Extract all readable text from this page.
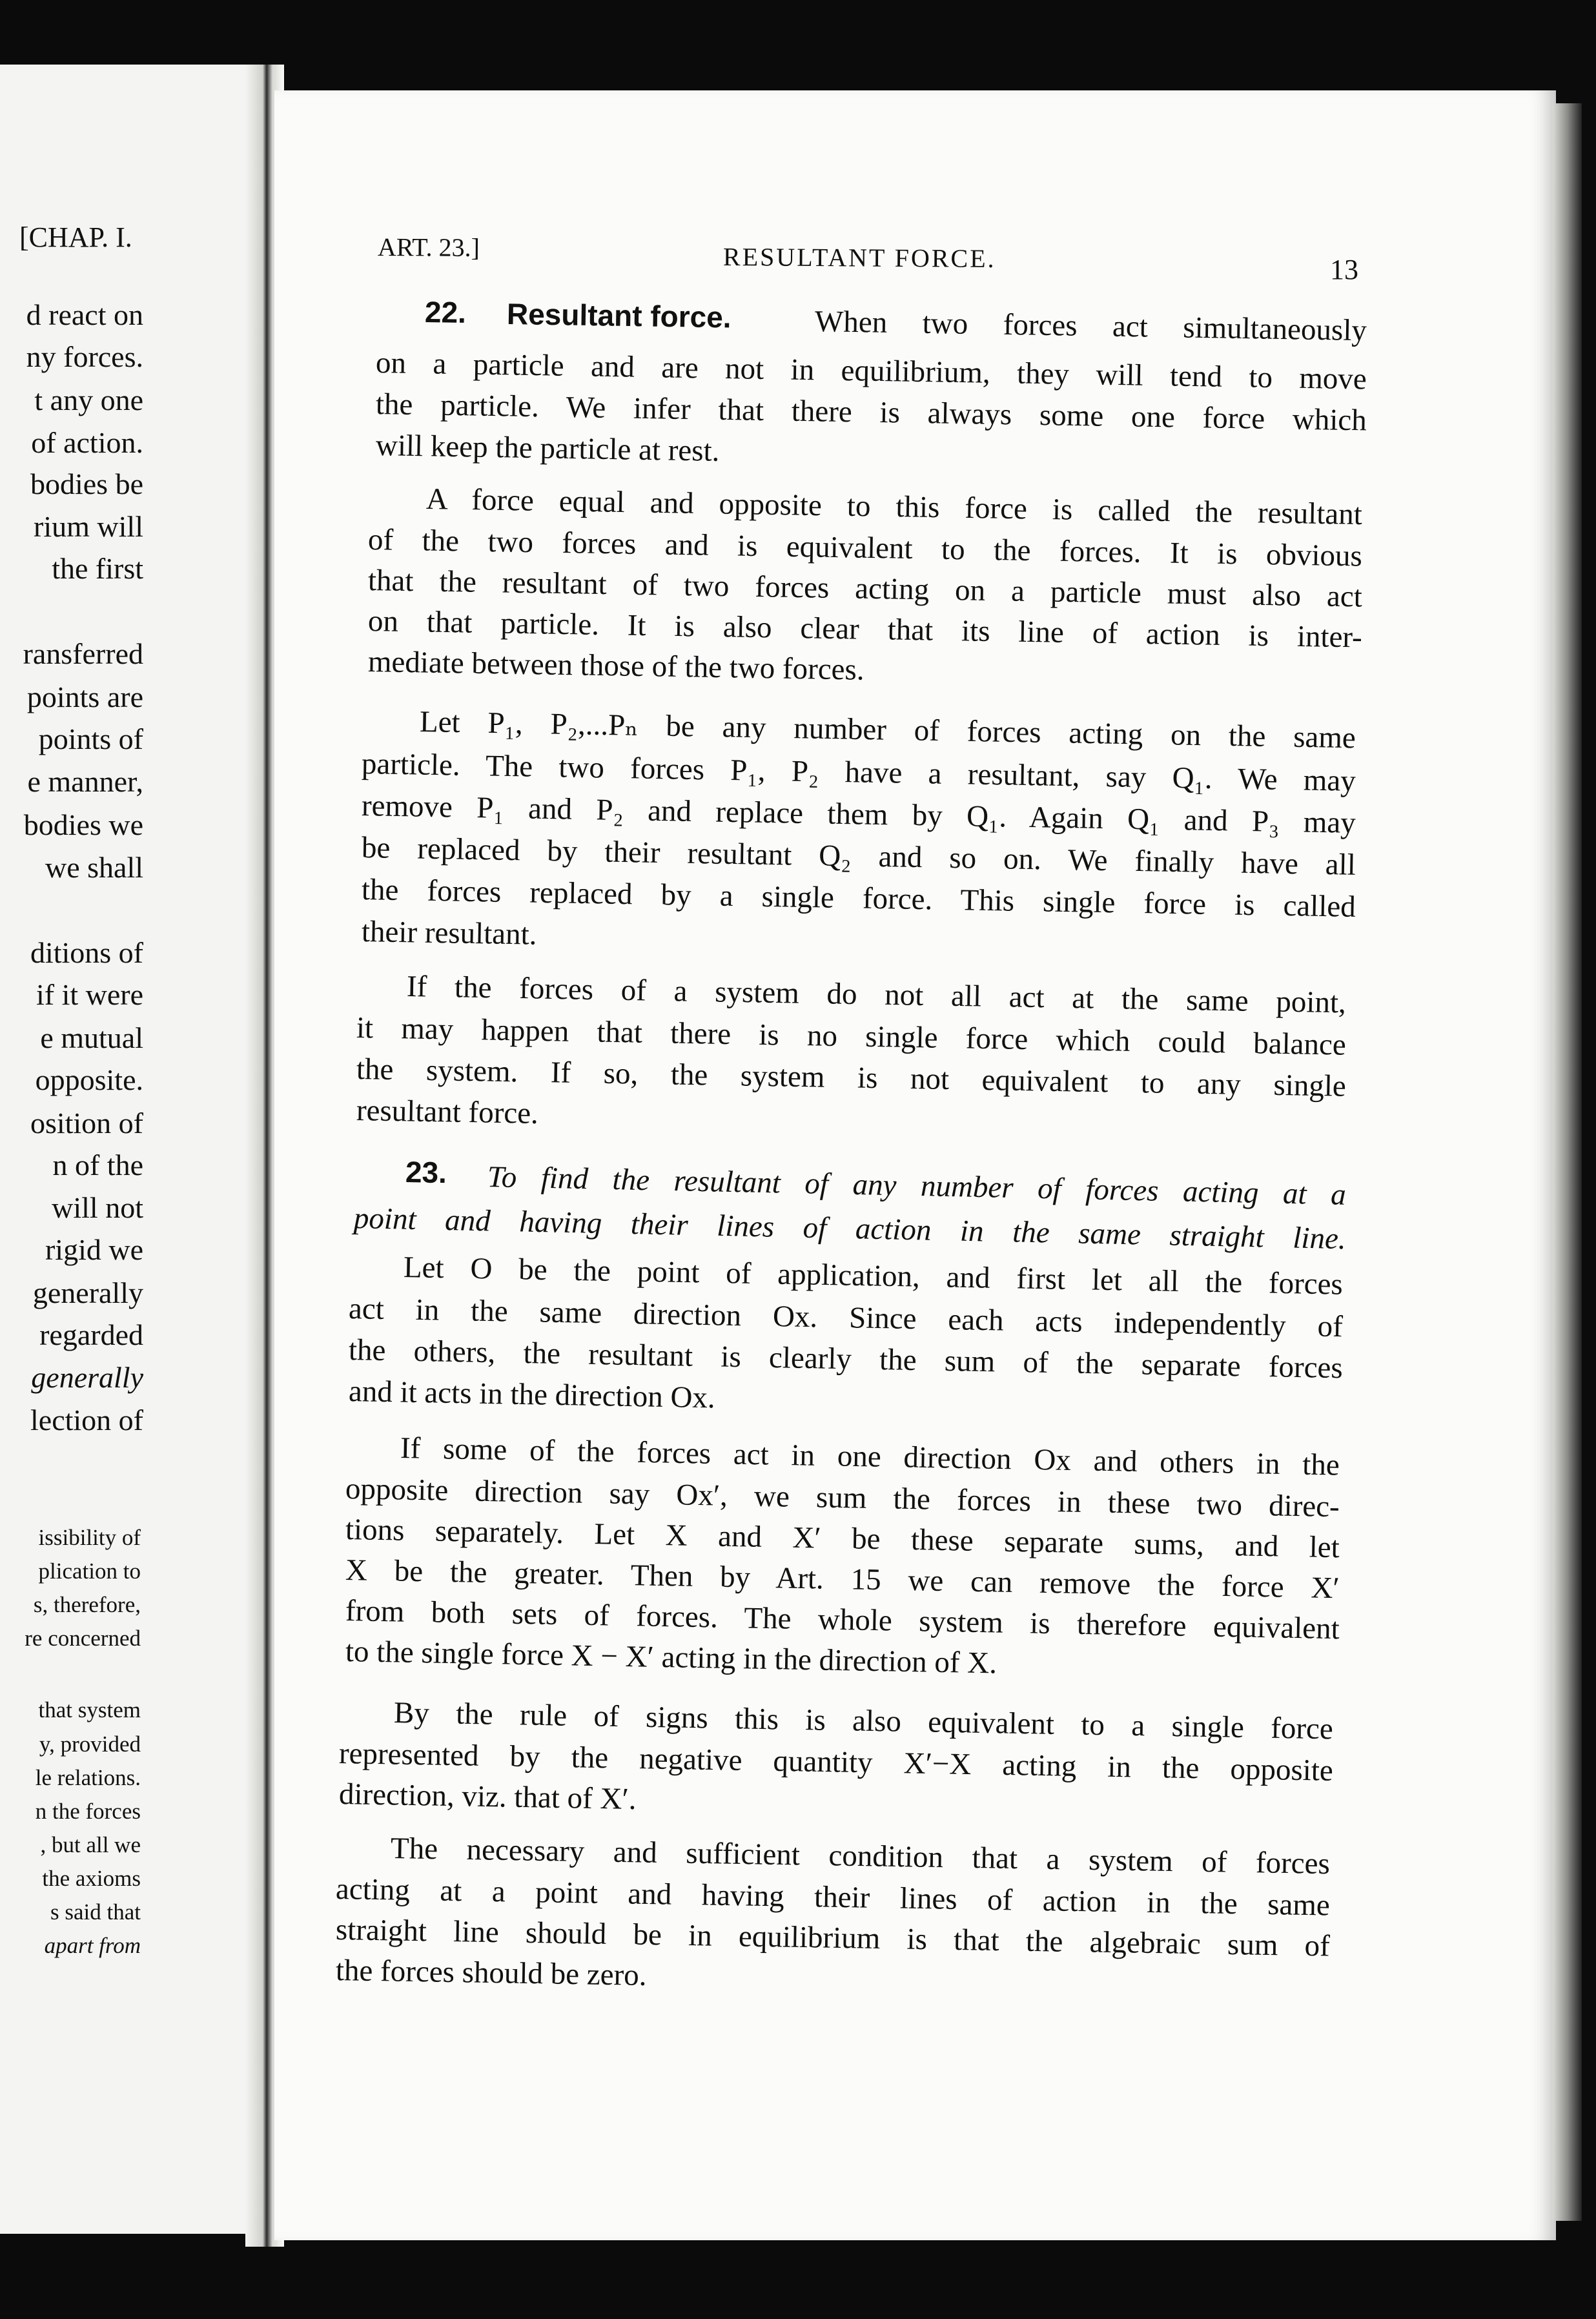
[CHAP. I.
d react on
ny forces.
t any one
of action.
bodies be
rium will
the first
ransferred
points are
points of
e manner,
bodies we
we shall
ditions of
if it were
e mutual
opposite.
osition of
n of the
will not
rigid we
generally
regarded
generally
lection of
issibility of
plication to
s, therefore,
re concerned
that system
y, provided
le relations.
n the forces
, but all we
the axioms
s said that
apart from
ART. 23.]	RESULTANT FORCE.	13
22. Resultant force.	When two forces act simultaneously
on a particle and are not in equilibrium, they will tend to move
the particle. We infer that there is always some one force which
will keep the particle at rest.
A force equal and opposite to this force is called the resultant
of the two forces and is equivalent to the forces. It is obvious
that the resultant of two forces acting on a particle must also act
on that particle. It is also clear that its line of action is inter-
mediate between those of the two forces.
Let P₁, P₂,...Pₙ be any number of forces acting on the same
particle. The two forces P₁, P₂ have a resultant, say Q₁. We may
remove P₁ and P₂ and replace them by Q₁. Again Q₁ and P₃ may
be replaced by their resultant Q₂ and so on. We finally have all
the forces replaced by a single force. This single force is called
their resultant.
If the forces of a system do not all act at the same point,
it may happen that there is no single force which could balance
the system. If so, the system is not equivalent to any single
resultant force.
To find the resultant of any number of forces acting at a
point and having their lines of action in the same straight line.
Let O be the point of application, and first let all the forces
act in the same direction Ox. Since each acts independently of
the others, the resultant is clearly the sum of the separate forces
and it acts in the direction Ox.
If some of the forces act in one direction Ox and others in the
opposite direction say Ox′, we sum the forces in these two direc-
tions separately. Let X and X′ be these separate sums, and let
X be the greater. Then by Art. 15 we can remove the force X′
from both sets of forces. The whole system is therefore equivalent
to the single force X − X′ acting in the direction of X.
By the rule of signs this is also equivalent to a single force
represented by the negative quantity X′−X acting in the opposite
direction, viz. that of X′.
The necessary and sufficient condition that a system of forces
acting at a point and having their lines of action in the same
straight line should be in equilibrium is that the algebraic sum of
the forces should be zero.
23.
